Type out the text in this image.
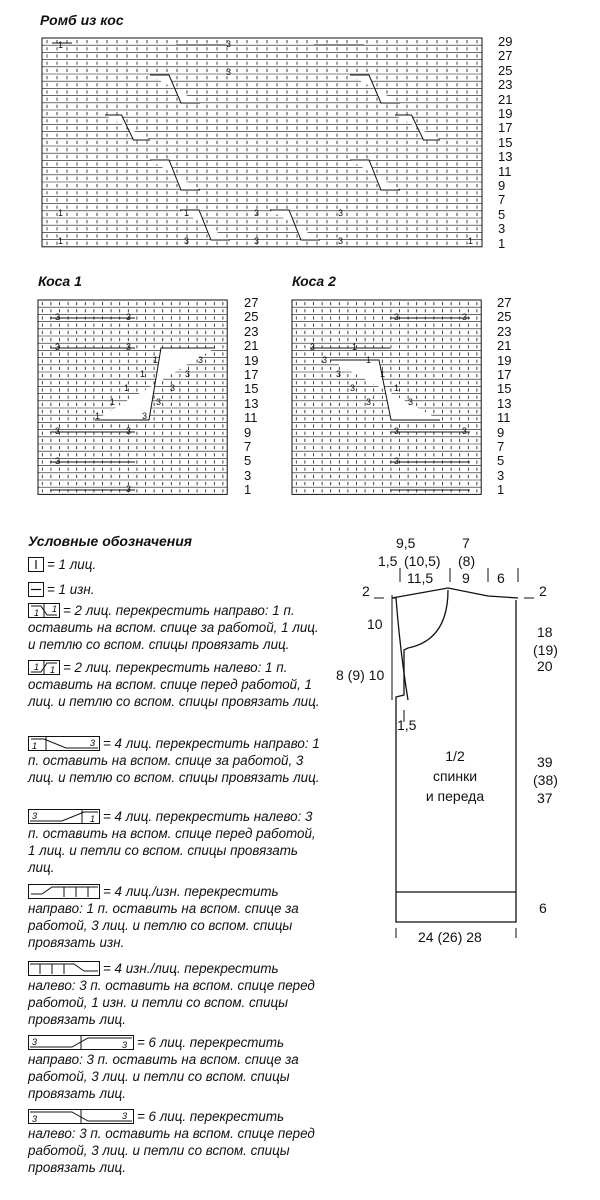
Ромб из кос
Коса 1	Коса 2
1	3
1	3	3
3
3	3
1
1
3
1
3	3
3	3
1	3
1	3
1	3
1	3
1	3
3	3
3
3
3	3
3	1
3	1
3	1
3	1
3	3
3	3
3
29
27
25
23
21
19
17
15
13
11
9
7
5
3
1
27
25
23
21
19
17
15
13
11
9
7
5
3
1
27
25
23
21
19
17
15
13
11
9
7
5
3
1
Условные обозначения
= 1 лиц.
= 1 изн.
1 1 = 2 лиц. перекрестить направо: 1 п. оставить на вспом. спице за работой, 1 лиц. и петлю со вспом. спицы провязать лиц.
1 1 = 2 лиц. перекрестить налево: 1 п. оставить на вспом. спице перед работой, 1 лиц. и петлю со вспом. спицы провязать лиц.
1	3 = 4 лиц. перекрестить направо: 1 п. оставить на вспом. спице за работой, 3 лиц. и петлю со вспом. спицы провязать лиц.
3	1 = 4 лиц. перекрестить налево: 3 п. оставить на вспом. спице перед работой, 1 лиц. и петли со вспом. спицы провязать лиц.
= 4 лиц./изн. перекрестить направо: 1 п. оставить на вспом. спице за работой, 3 лиц. и петлю со вспом. спицы провязать изн.
= 4 изн./лиц. перекрестить налево: 3 п. оставить на вспом. спице перед работой, 1 изн. и петли со вспом. спицы провязать лиц.
3	3 = 6 лиц. перекрестить направо: 3 п. оставить на вспом. спице за работой, 3 лиц. и петли со вспом. спицы провязать лиц.
3	3 = 6 лиц. перекрестить налево: 3 п. оставить на вспом. спице перед работой, 3 лиц. и петли со вспом. спицы провязать лиц.
9,5	7
1,5 (10,5) (8)
11,5 9 6
2	2
10
8 (9) 10
1,5
18
(19)
20
39
(38)
37
6
24 (26) 28
1/2
спинки
и переда
